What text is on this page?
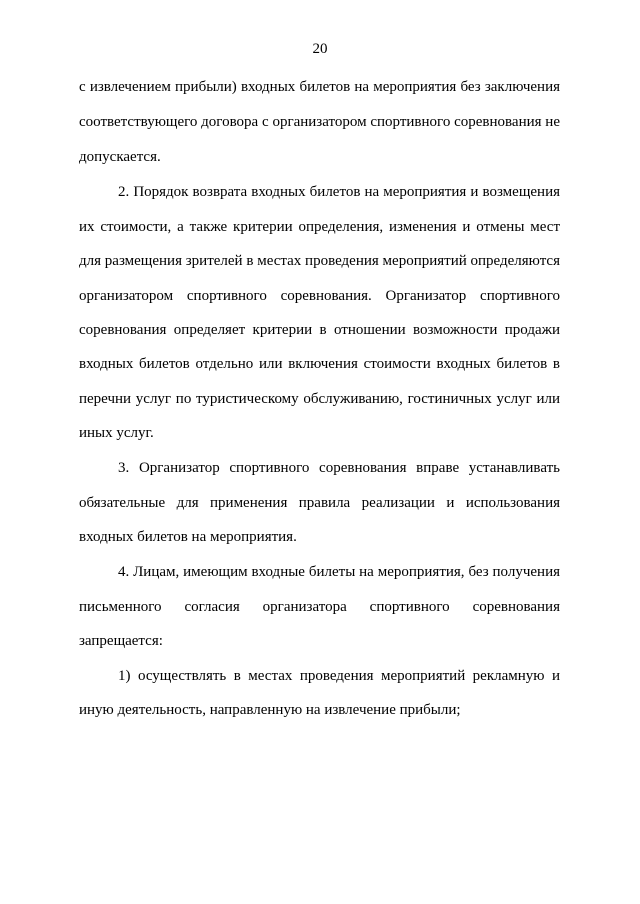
20
с извлечением прибыли) входных билетов на мероприятия без заключения
соответствующего договора с организатором спортивного соревнования не
допускается.
2. Порядок возврата входных билетов на мероприятия и возмещения
их стоимости, а также критерии определения, изменения и отмены мест
для размещения зрителей в местах проведения мероприятий определяются
организатором спортивного соревнования. Организатор спортивного
соревнования определяет критерии в отношении возможности продажи
входных билетов отдельно или включения стоимости входных билетов в
перечни услуг по туристическому обслуживанию, гостиничных услуг или
иных услуг.
3. Организатор спортивного соревнования вправе устанавливать
обязательные для применения правила реализации и использования
входных билетов на мероприятия.
4. Лицам, имеющим входные билеты на мероприятия, без получения
письменного согласия организатора спортивного соревнования
запрещается:
1) осуществлять в местах проведения мероприятий рекламную и
иную деятельность, направленную на извлечение прибыли;
